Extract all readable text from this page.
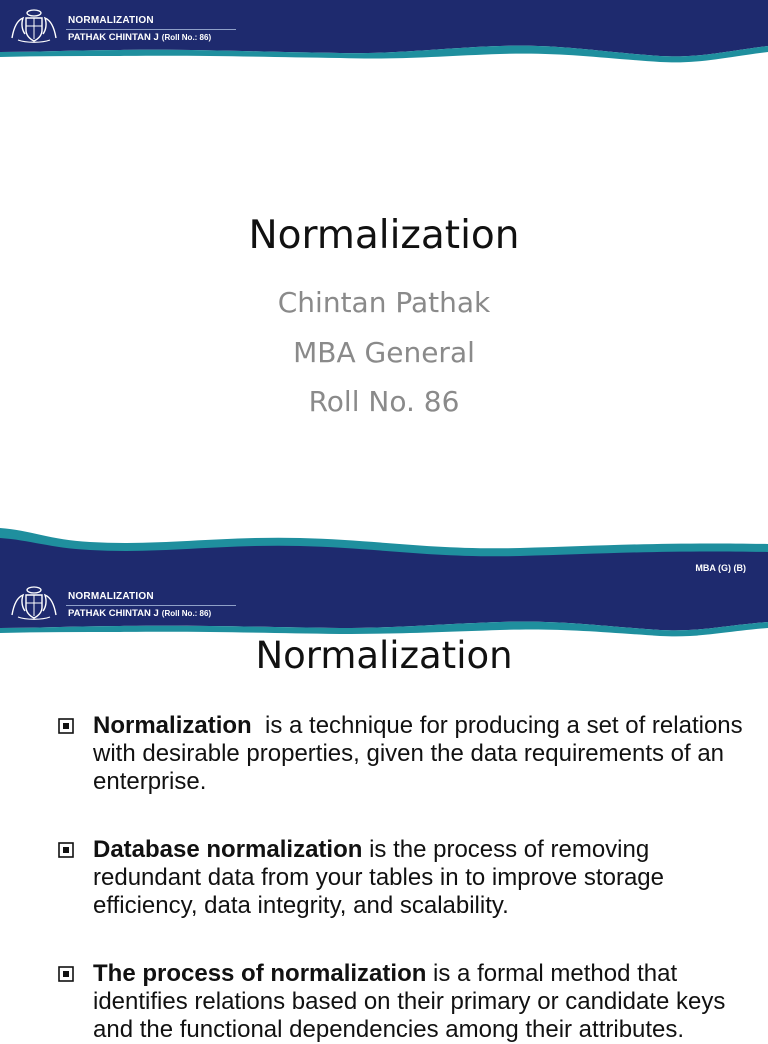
NORMALIZATION
PATHAK CHINTAN J (Roll No.: 86)
Normalization
Chintan Pathak
MBA General
Roll No. 86
MBA (G) (B)
NORMALIZATION
PATHAK CHINTAN J (Roll No.: 86)
Normalization
Normalization  is a technique for producing a set of relations with desirable properties, given the data requirements of an enterprise.
Database normalization is the process of removing redundant data from your tables in to improve storage efficiency, data integrity, and scalability.
The process of normalization is a formal method that identifies relations based on their primary or candidate keys and the functional dependencies among their attributes.
